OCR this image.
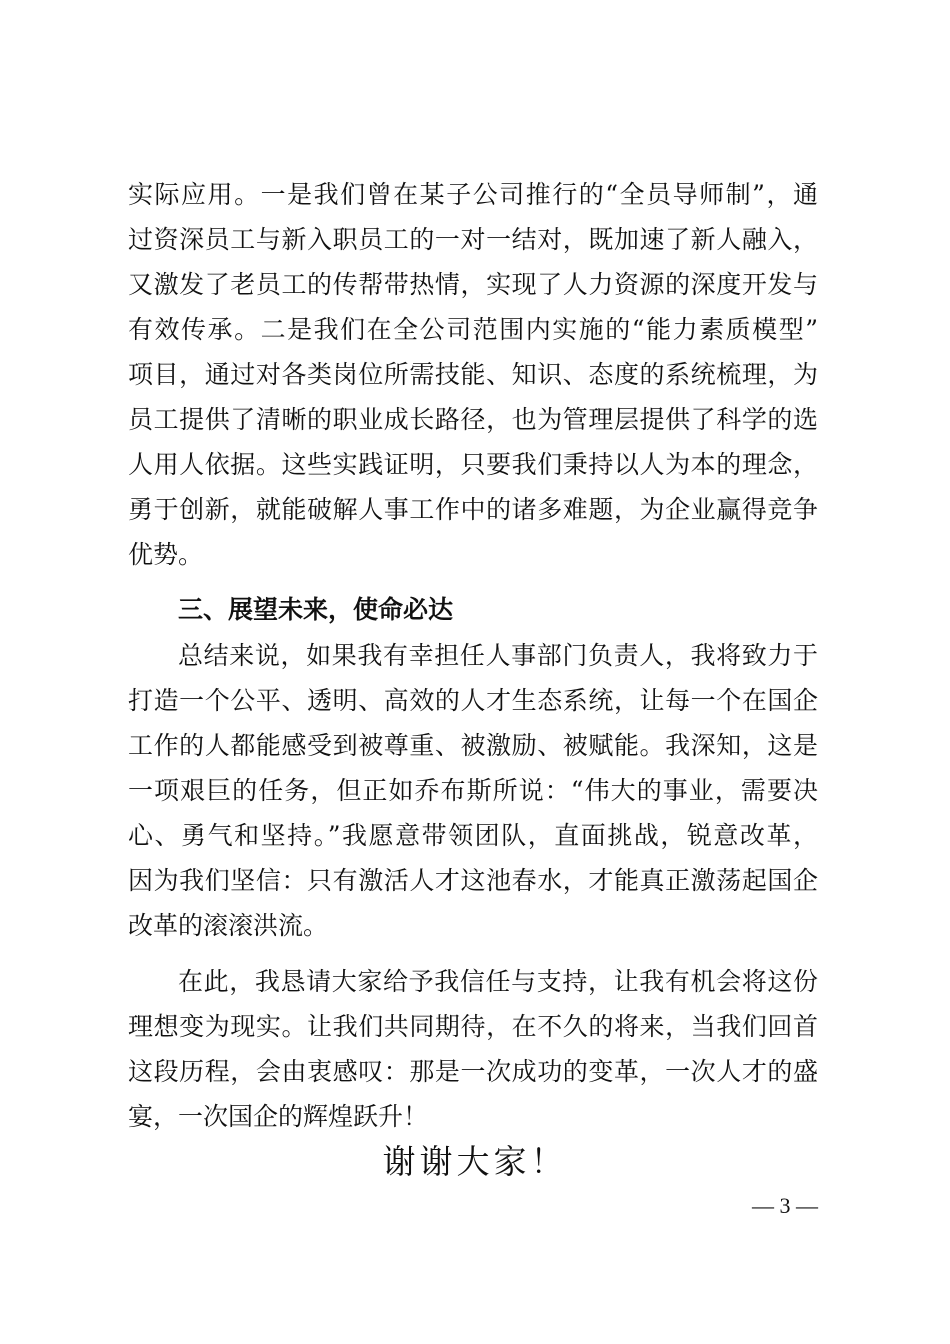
实际应用。一是我们曾在某子公司推行的“全员导师制”，通
过资深员工与新入职员工的一对一结对，既加速了新人融入，
又激发了老员工的传帮带热情，实现了人力资源的深度开发与
有效传承。二是我们在全公司范围内实施的“能力素质模型”
项目，通过对各类岗位所需技能、知识、态度的系统梳理，为
员工提供了清晰的职业成长路径，也为管理层提供了科学的选
人用人依据。这些实践证明，只要我们秉持以人为本的理念，
勇于创新，就能破解人事工作中的诸多难题，为企业赢得竞争
优势。
三、展望未来，使命必达
总结来说，如果我有幸担任人事部门负责人，我将致力于
打造一个公平、透明、高效的人才生态系统，让每一个在国企
工作的人都能感受到被尊重、被激励、被赋能。我深知，这是
一项艰巨的任务，但正如乔布斯所说：“伟大的事业，需要决
心、勇气和坚持。”我愿意带领团队，直面挑战，锐意改革，
因为我们坚信：只有激活人才这池春水，才能真正激荡起国企
改革的滚滚洪流。
在此，我恳请大家给予我信任与支持，让我有机会将这份
理想变为现实。让我们共同期待，在不久的将来，当我们回首
这段历程，会由衷感叹：那是一次成功的变革，一次人才的盛
宴，一次国企的辉煌跃升！
谢谢大家！
— 3 —
